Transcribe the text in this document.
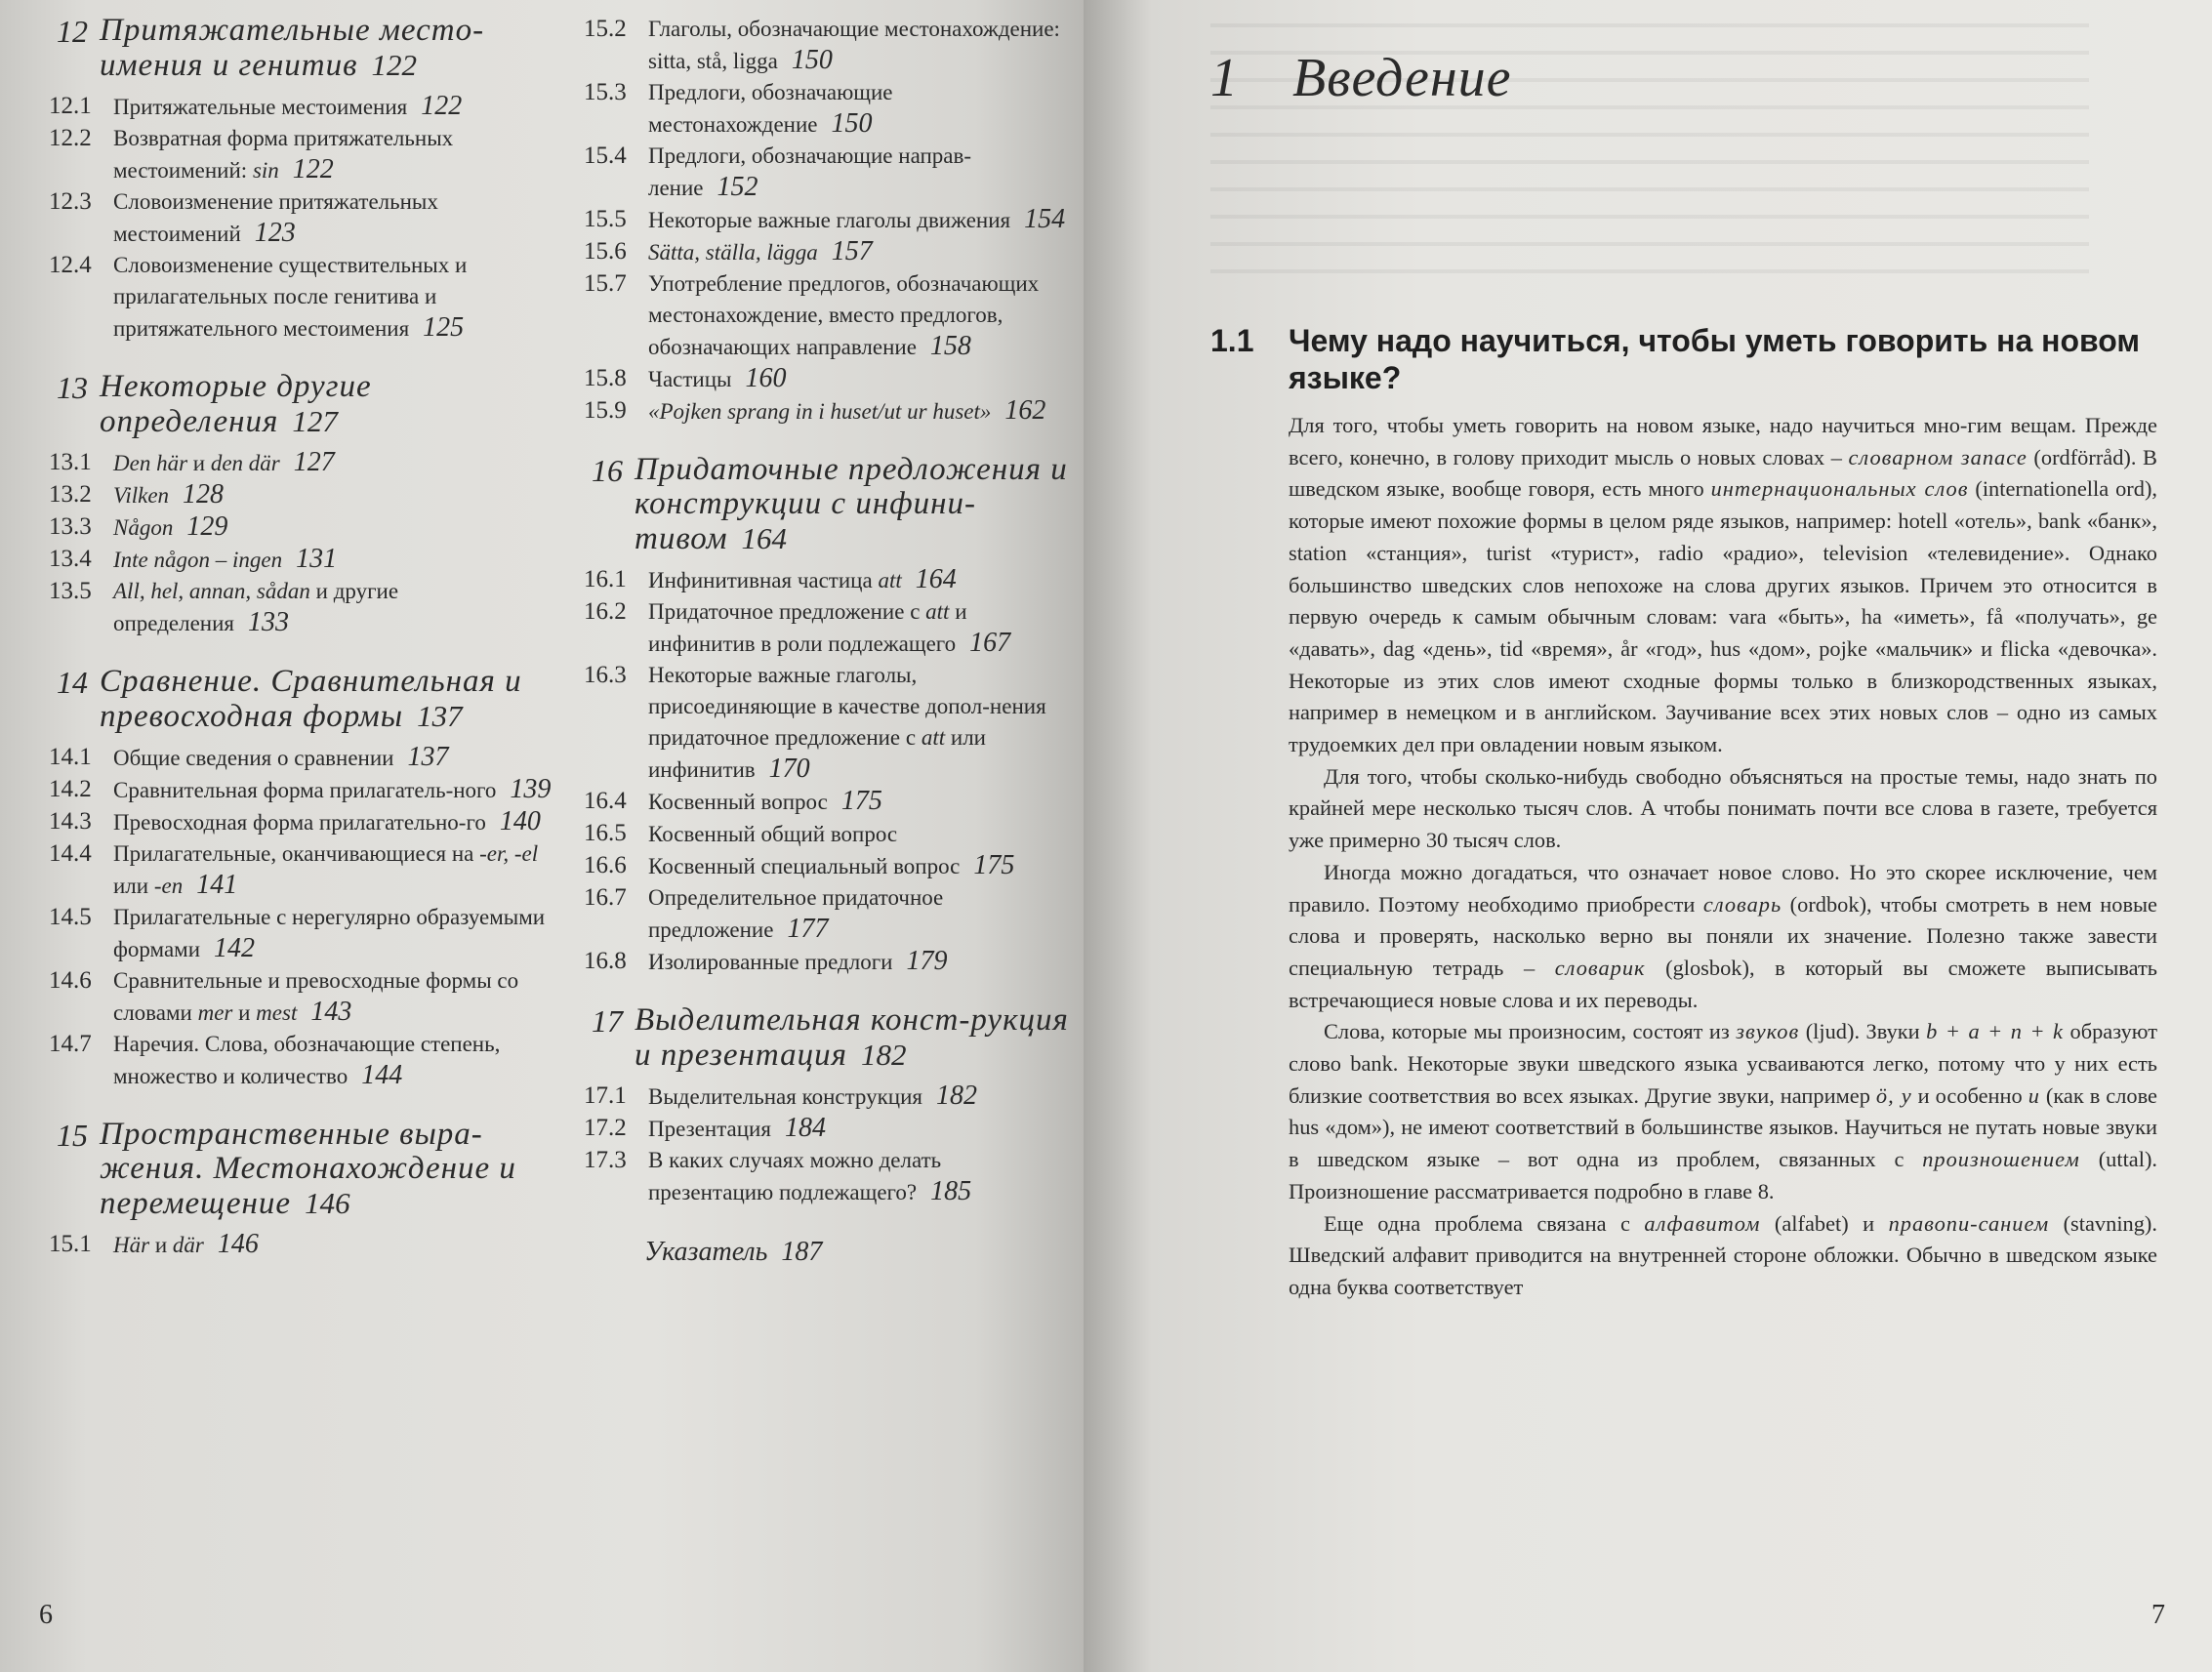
12 Притяжательные место-имения и генитив 122
12.1 Притяжательные местоимения 122
12.2 Возвратная форма притяжательных местоимений: sin 122
12.3 Словоизменение притяжательных местоимений 123
12.4 Словоизменение существительных и прилагательных после генитива и притяжательного местоимения 125
13 Некоторые другие определения 127
13.1 Den här и den där 127
13.2 Vilken 128
13.3 Någon 129
13.4 Inte någon – ingen 131
13.5 All, hel, annan, sådan и другие определения 133
14 Сравнение. Сравнительная и превосходная формы 137
14.1 Общие сведения о сравнении 137
14.2 Сравнительная форма прилагатель-ного 139
14.3 Превосходная форма прилагательно-го 140
14.4 Прилагательные, оканчивающиеся на -er, -el или -en 141
14.5 Прилагательные с нерегулярно образуемыми формами 142
14.6 Сравнительные и превосходные формы со словами mer и mest 143
14.7 Наречия. Слова, обозначающие степень, множество и количество 144
15 Пространственные выра-жения. Местонахождение и перемещение 146
15.1 Här и där 146
15.2 Глаголы, обозначающие местонахождение: sitta, stå, ligga 150
15.3 Предлоги, обозначающие местонахождение 150
15.4 Предлоги, обозначающие направ-ление 152
15.5 Некоторые важные глаголы движения 154
15.6 Sätta, ställa, lägga 157
15.7 Употребление предлогов, обозначающих местонахождение, вместо предлогов, обозначающих направление 158
15.8 Частицы 160
15.9 «Pojken sprang in i huset/ut ur huset» 162
16 Придаточные предложения и конструкции с инфини-тивом 164
16.1 Инфинитивная частица att 164
16.2 Придаточное предложение с att и инфинитив в роли подлежащего 167
16.3 Некоторые важные глаголы, присоединяющие в качестве допол-нения придаточное предложение с att или инфинитив 170
16.4 Косвенный вопрос 175
16.5 Косвенный общий вопрос
16.6 Косвенный специальный вопрос 175
16.7 Определительное придаточное предложение 177
16.8 Изолированные предлоги 179
17 Выделительная конст-рукция и презентация 182
17.1 Выделительная конструкция 182
17.2 Презентация 184
17.3 В каких случаях можно делать презентацию подлежащего? 185
Указатель 187
6
1 Введение
1.1	Чему надо научиться, чтобы уметь говорить на новом языке?

Для того, чтобы уметь говорить на новом языке, надо научиться мно-гим вещам. Прежде всего, конечно, в голову приходит мысль о новых словах – словарном запасе (ordförråd). В шведском языке, вообще говоря, есть много интернациональных слов (internationella ord), которые имеют похожие формы в целом ряде языков, например: hotell «отель», bank «банк», station «станция», turist «турист», radio «радио», television «телевидение». Однако большинство шведских слов непохоже на слова других языков. Причем это относится в первую очередь к самым обычным словам: vara «быть», ha «иметь», få «получать», ge «давать», dag «день», tid «время», år «год», hus «дом», pojke «мальчик» и flicka «девочка». Некоторые из этих слов имеют сходные формы только в близкородственных языках, например в немецком и в английском. Заучивание всех этих новых слов – одно из самых трудоемких дел при овладении новым языком.

Для того, чтобы сколько-нибудь свободно объясняться на простые темы, надо знать по крайней мере несколько тысяч слов. А чтобы понимать почти все слова в газете, требуется уже примерно 30 тысяч слов.

Иногда можно догадаться, что означает новое слово. Но это скорее исключение, чем правило. Поэтому необходимо приобрести словарь (ordbok), чтобы смотреть в нем новые слова и проверять, насколько верно вы поняли их значение. Полезно также завести специальную тетрадь – словарик (glosbok), в который вы сможете выписывать встречающиеся новые слова и их переводы.

Слова, которые мы произносим, состоят из звуков (ljud). Звуки b + a + n + k образуют слово bank. Некоторые звуки шведского языка усваиваются легко, потому что у них есть близкие соответствия во всех языках. Другие звуки, например ö, y и особенно u (как в слове hus «дом»), не имеют соответствий в большинстве языков. Научиться не путать новые звуки в шведском языке – вот одна из проблем, связанных с произношением (uttal). Произношение рассматривается подробно в главе 8.

Еще одна проблема связана с алфавитом (alfabet) и правопи-санием (stavning). Шведский алфавит приводится на внутренней стороне обложки. Обычно в шведском языке одна буква соответствует

7
